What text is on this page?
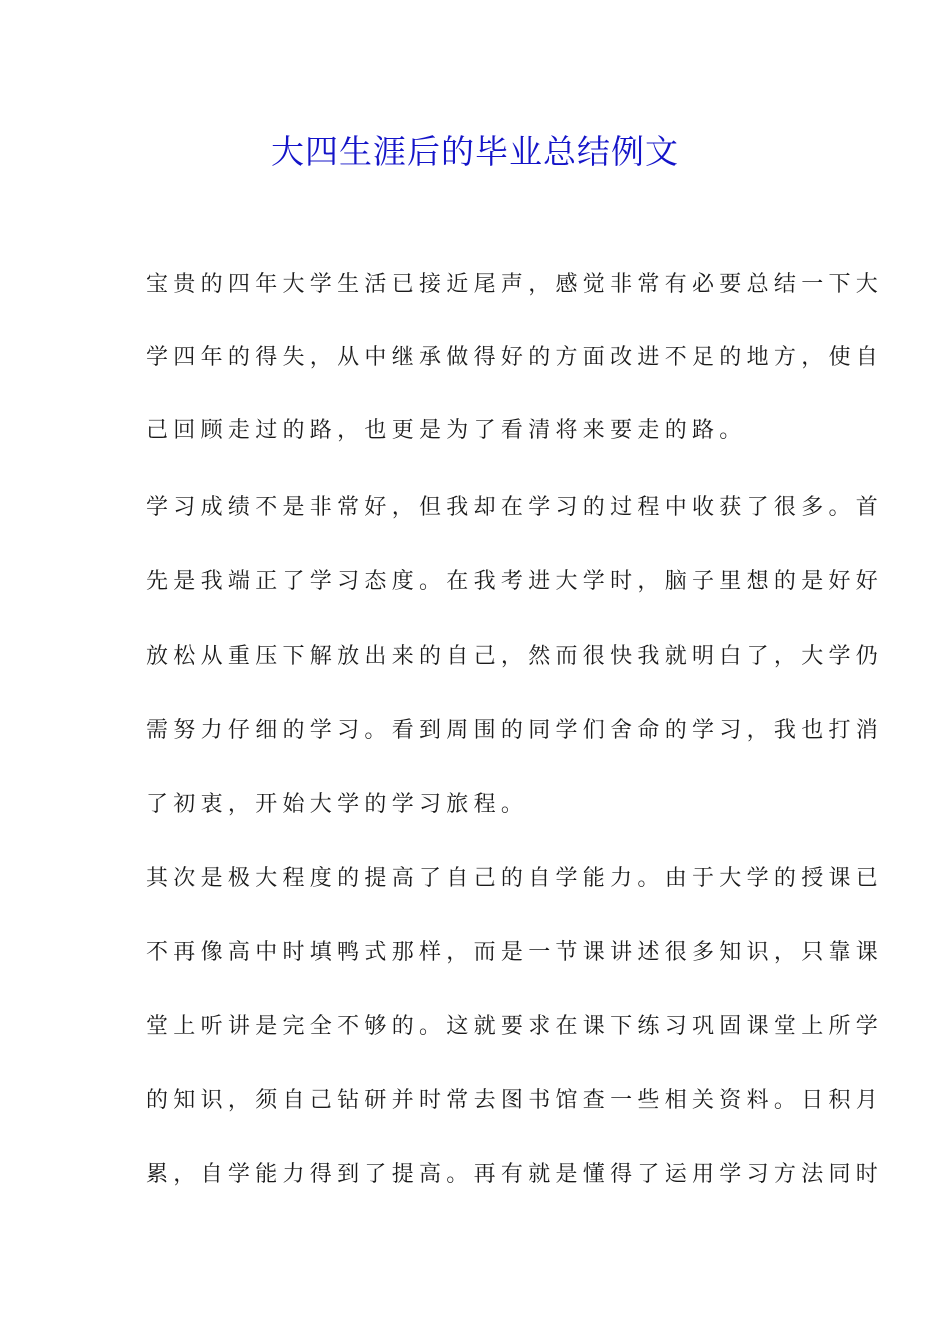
大四生涯后的毕业总结例文
宝贵的四年大学生活已接近尾声，感觉非常有必要总结一下大
学四年的得失，从中继承做得好的方面改进不足的地方，使自
己回顾走过的路，也更是为了看清将来要走的路。
学习成绩不是非常好，但我却在学习的过程中收获了很多。首
先是我端正了学习态度。在我考进大学时，脑子里想的是好好
放松从重压下解放出来的自己，然而很快我就明白了，大学仍
需努力仔细的学习。看到周围的同学们舍命的学习，我也打消
了初衷，开始大学的学习旅程。
其次是极大程度的提高了自己的自学能力。由于大学的授课已
不再像高中时填鸭式那样，而是一节课讲述很多知识，只靠课
堂上听讲是完全不够的。这就要求在课下练习巩固课堂上所学
的知识，须自己钻研并时常去图书馆查一些相关资料。日积月
累，自学能力得到了提高。再有就是懂得了运用学习方法同时
